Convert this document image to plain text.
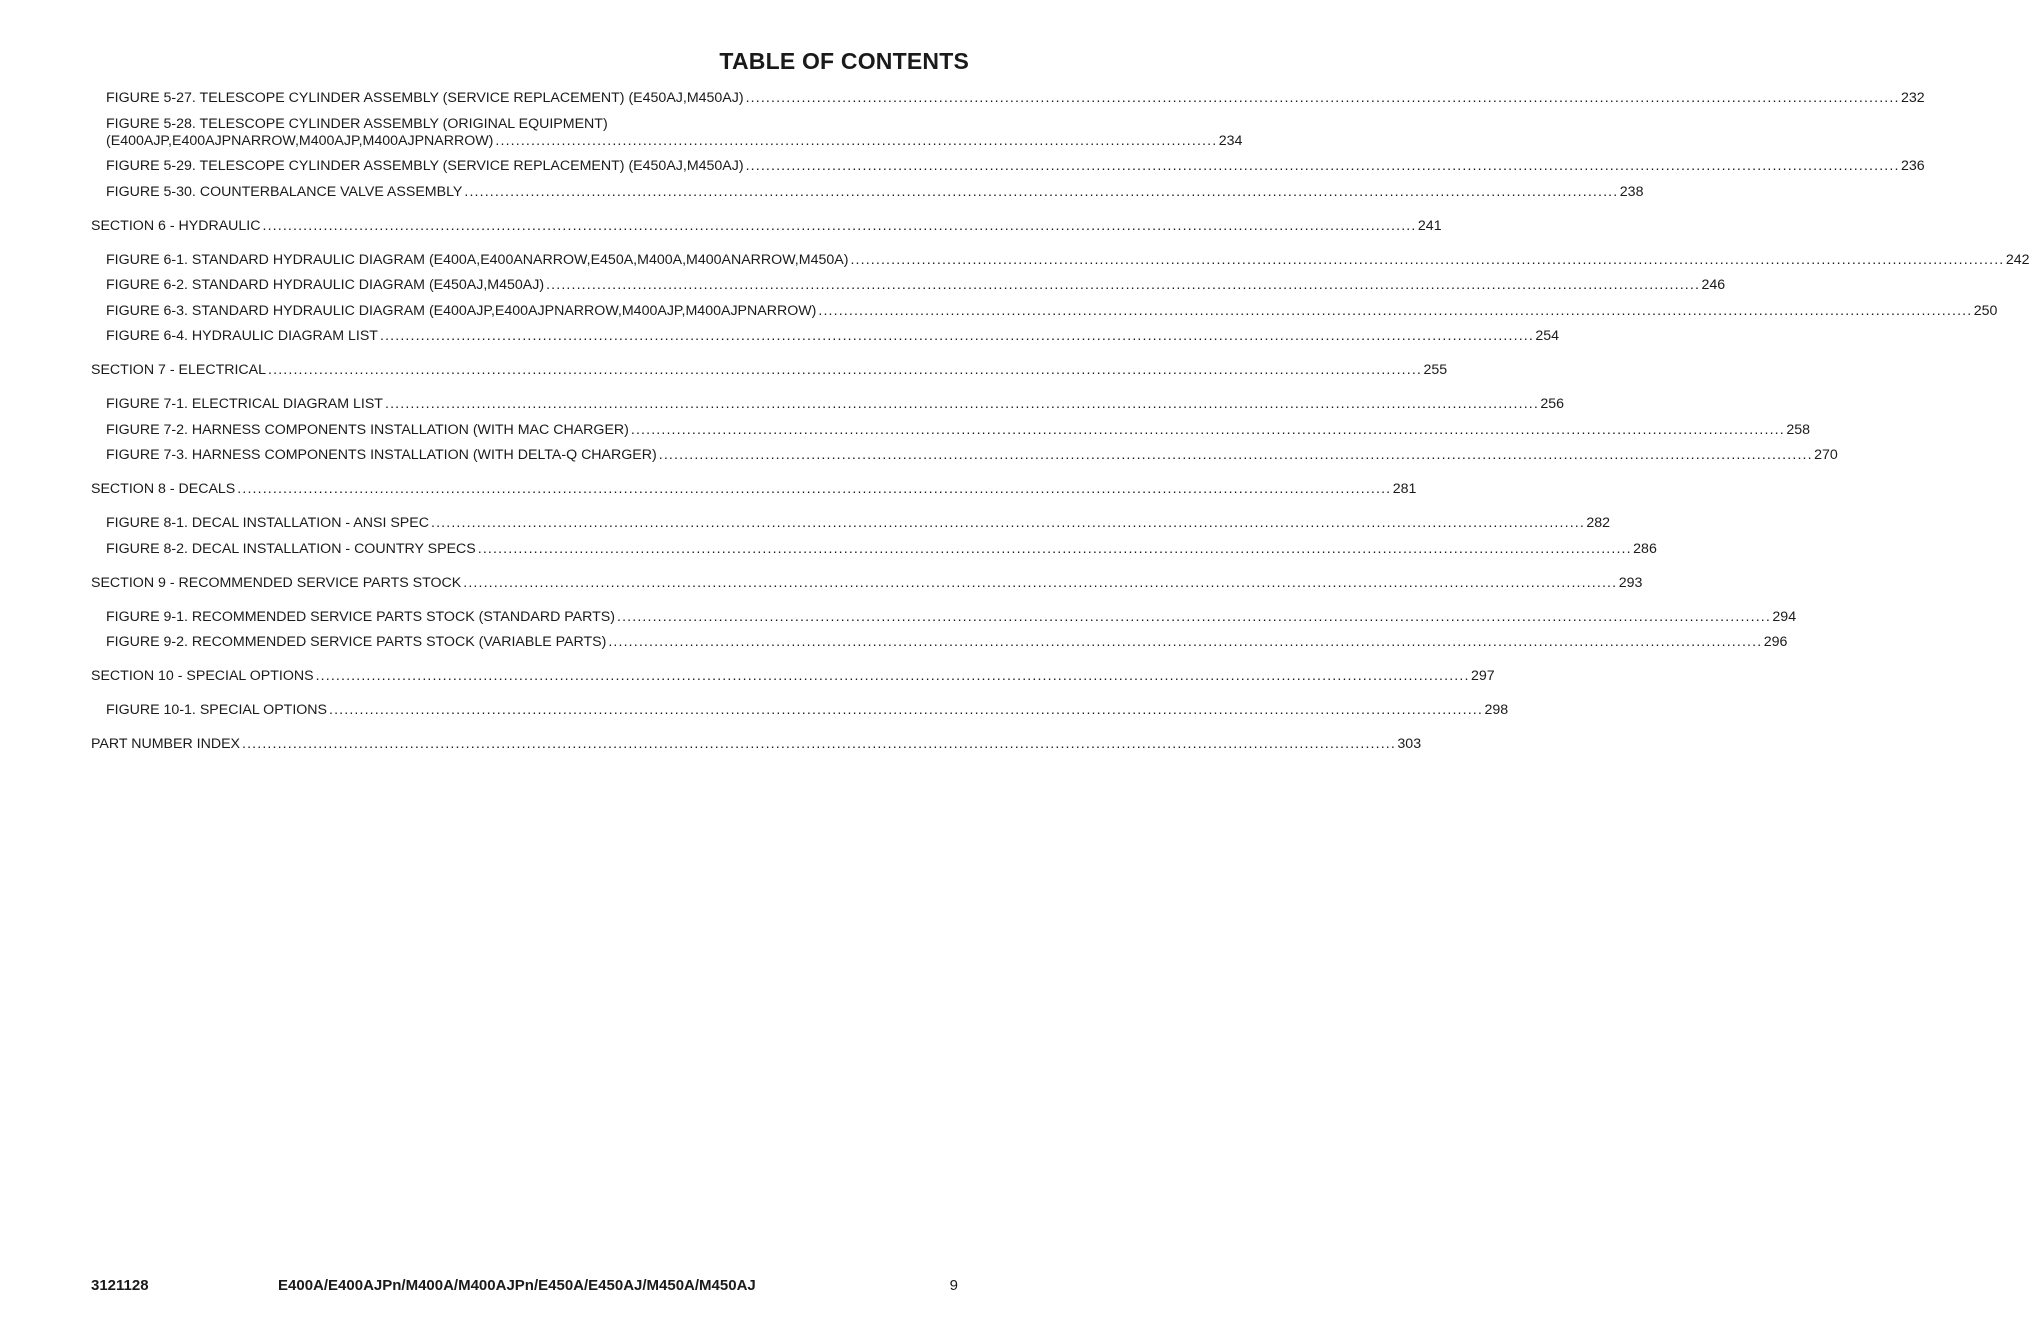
TABLE OF CONTENTS
FIGURE 5-27. TELESCOPE CYLINDER ASSEMBLY (SERVICE REPLACEMENT) (E450AJ,M450AJ) . . .	232
FIGURE 5-28. TELESCOPE CYLINDER ASSEMBLY (ORIGINAL EQUIPMENT)
(E400AJP,E400AJPNARROW,M400AJP,M400AJPNARROW) . . .	234
FIGURE 5-29. TELESCOPE CYLINDER ASSEMBLY (SERVICE REPLACEMENT) (E450AJ,M450AJ) . . .	236
FIGURE 5-30. COUNTERBALANCE VALVE ASSEMBLY . . .	238
SECTION 6 - HYDRAULIC . . .	241
FIGURE 6-1. STANDARD HYDRAULIC DIAGRAM (E400A,E400ANARROW,E450A,M400A,M400ANARROW,M450A) . . .	242
FIGURE 6-2. STANDARD HYDRAULIC DIAGRAM (E450AJ,M450AJ) . . .	246
FIGURE 6-3. STANDARD HYDRAULIC DIAGRAM (E400AJP,E400AJPNARROW,M400AJP,M400AJPNARROW) . . .	250
FIGURE 6-4. HYDRAULIC DIAGRAM LIST . . .	254
SECTION 7 - ELECTRICAL . . .	255
FIGURE 7-1. ELECTRICAL DIAGRAM LIST . . .	256
FIGURE 7-2. HARNESS COMPONENTS INSTALLATION (WITH MAC CHARGER) . . .	258
FIGURE 7-3. HARNESS COMPONENTS INSTALLATION (WITH DELTA-Q CHARGER) . . .	270
SECTION 8 - DECALS . . .	281
FIGURE 8-1. DECAL INSTALLATION - ANSI SPEC . . .	282
FIGURE 8-2. DECAL INSTALLATION - COUNTRY SPECS . . .	286
SECTION 9 - RECOMMENDED SERVICE PARTS STOCK . . .	293
FIGURE 9-1. RECOMMENDED SERVICE PARTS STOCK (STANDARD PARTS) . . .	294
FIGURE 9-2. RECOMMENDED SERVICE PARTS STOCK (VARIABLE PARTS) . . .	296
SECTION 10 - SPECIAL OPTIONS . . .	297
FIGURE 10-1. SPECIAL OPTIONS . . .	298
PART NUMBER INDEX . . .	303
3121128	E400A/E400AJPn/M400A/M400AJPn/E450A/E450AJ/M450A/M450AJ	9
